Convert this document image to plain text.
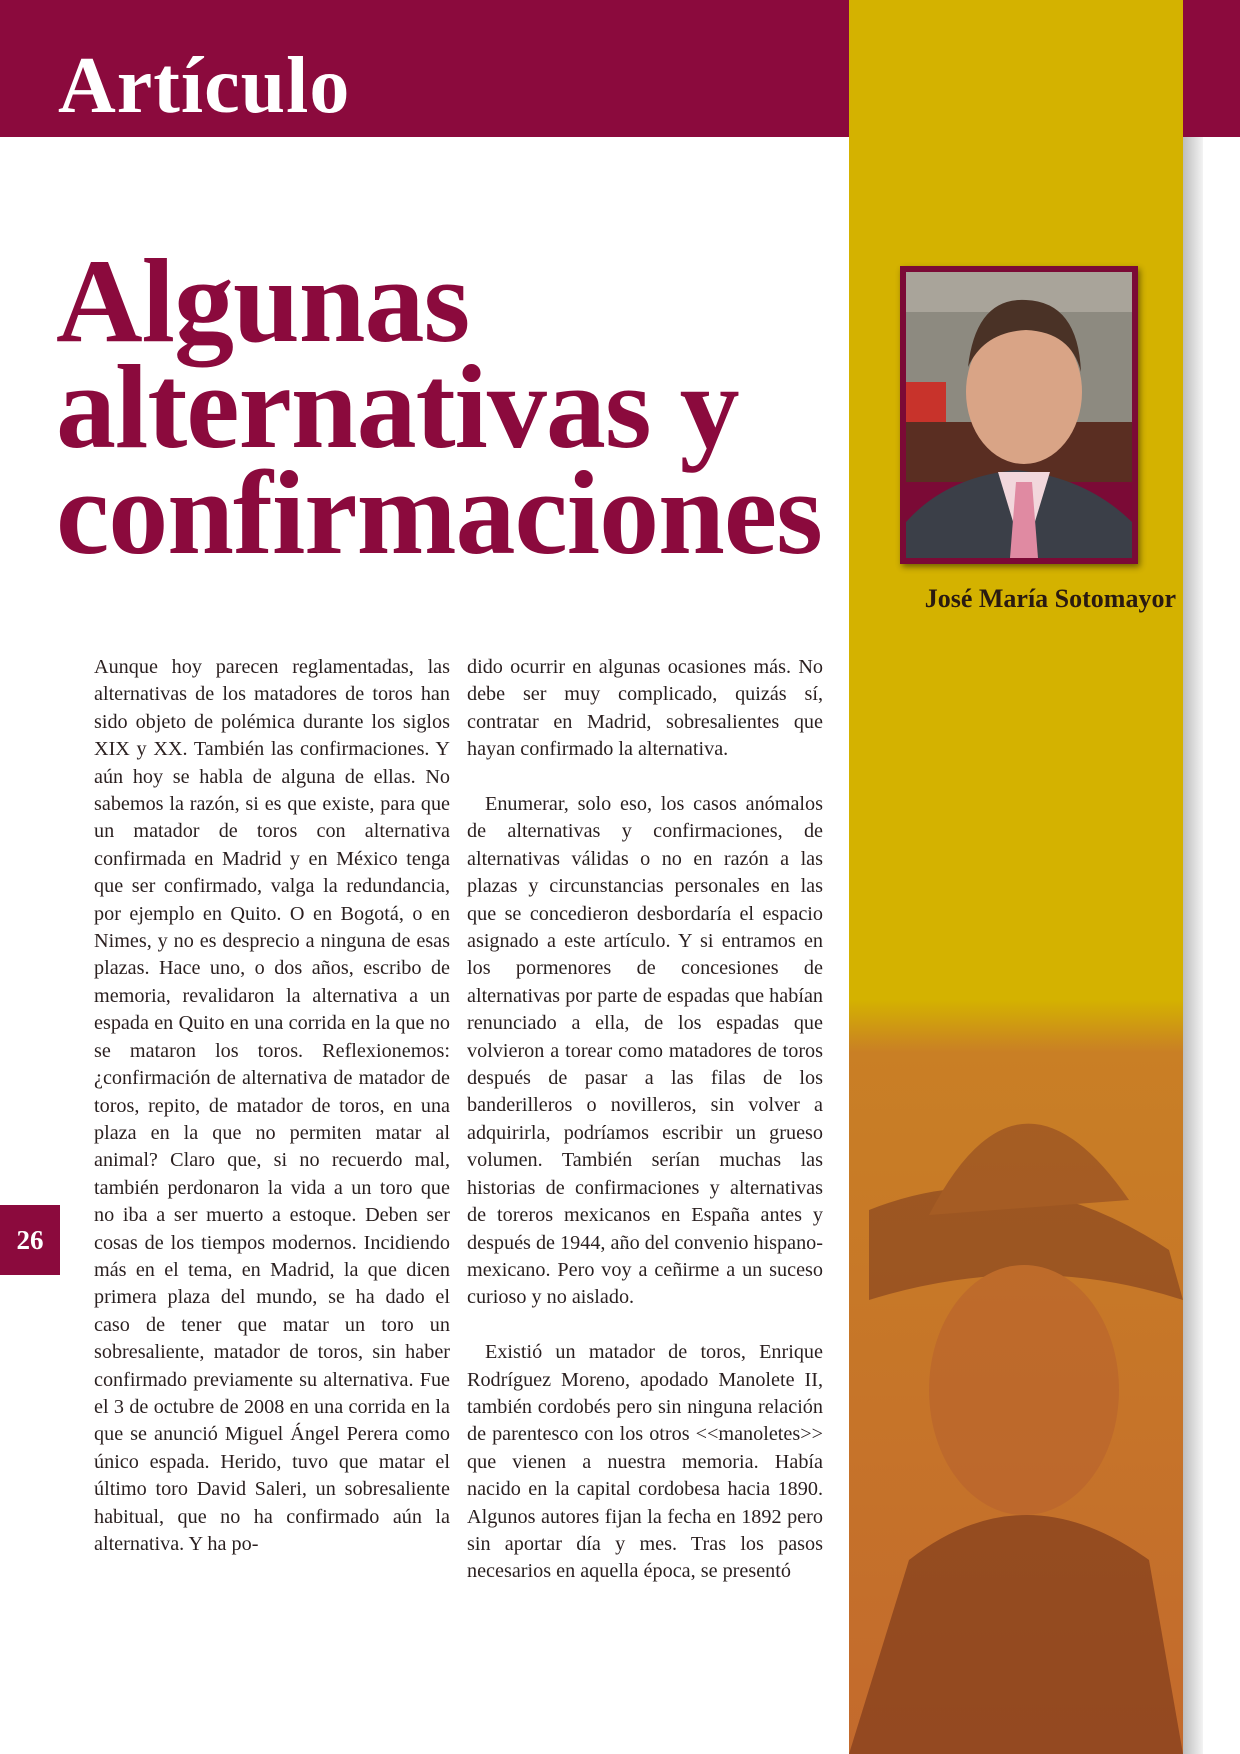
Artículo
Algunas alternativas y confirmaciones
José María Sotomayor

Aunque hoy parecen reglamentadas, las alternativas de los matadores de toros han sido objeto de polémica durante los siglos XIX y XX. También las confirmaciones. Y aún hoy se habla de alguna de ellas. No sabemos la razón, si es que existe, para que un matador de toros con alternativa confirmada en Madrid y en México tenga que ser confirmado, valga la redundancia, por ejemplo en Quito. O en Bogotá, o en Nimes, y no es desprecio a ninguna de esas plazas. Hace uno, o dos años, escribo de memoria, revalidaron la alternativa a un espada en Quito en una corrida en la que no se mataron los toros. Reflexionemos: ¿confirmación de alternativa de matador de toros, repito, de matador de toros, en una plaza en la que no permiten matar al animal? Claro que, si no recuerdo mal, también perdonaron la vida a un toro que no iba a ser muerto a estoque. Deben ser cosas de los tiempos modernos. Incidiendo más en el tema, en Madrid, la que dicen primera plaza del mundo, se ha dado el caso de tener que matar un toro un sobresaliente, matador de toros, sin haber confirmado previamente su alternativa. Fue el 3 de octubre de 2008 en una corrida en la que se anunció Miguel Ángel Perera como único espada. Herido, tuvo que matar el último toro David Saleri, un sobresaliente habitual, que no ha confirmado aún la alternativa. Y ha po-

dido ocurrir en algunas ocasiones más. No debe ser muy complicado, quizás sí, contratar en Madrid, sobresalientes que hayan confirmado la alternativa.

Enumerar, solo eso, los casos anómalos de alternativas y confirmaciones, de alternativas válidas o no en razón a las plazas y circunstancias personales en las que se concedieron desbordaría el espacio asignado a este artículo. Y si entramos en los pormenores de concesiones de alternativas por parte de espadas que habían renunciado a ella, de los espadas que volvieron a torear como matadores de toros después de pasar a las filas de los banderilleros o novilleros, sin volver a adquirirla, podríamos escribir un grueso volumen. También serían muchas las historias de confirmaciones y alternativas de toreros mexicanos en España antes y después de 1944, año del convenio hispano-mexicano. Pero voy a ceñirme a un suceso curioso y no aislado.

Existió un matador de toros, Enrique Rodríguez Moreno, apodado Manolete II, también cordobés pero sin ninguna relación de parentesco con los otros <<manoletes>> que vienen a nuestra memoria. Había nacido en la capital cordobesa hacia 1890. Algunos autores fijan la fecha en 1892 pero sin aportar día y mes. Tras los pasos necesarios en aquella época, se presentó

26
